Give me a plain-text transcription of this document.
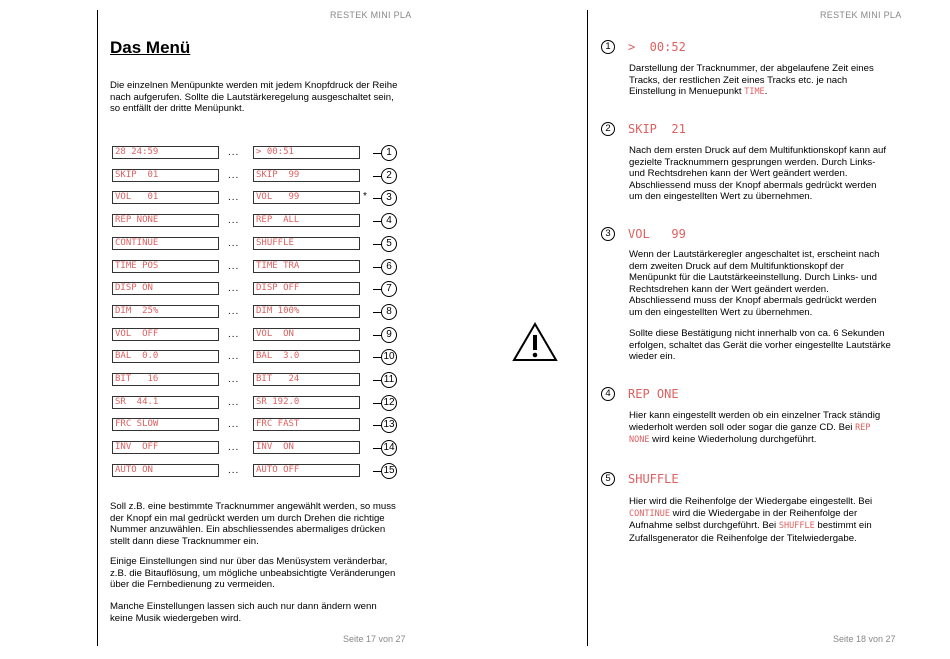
RESTEK MINI PLA
Das Menü
Die einzelnen Menüpunkte werden mit jedem Knopfdruck der Reihe nach aufgerufen. Sollte die Lautstärkeregelung ausgeschaltet sein, so entfällt der dritte Menüpunkt.
28 24:59	...	> 00:51	1
SKIP  01	...	SKIP  99	2
VOL   01	...	VOL   99	*	3
REP NONE	...	REP  ALL	4
CONTINUE	...	SHUFFLE	5
TIME POS	...	TIME TRA	6
DISP ON	...	DISP OFF	7
DIM  25%	...	DIM 100%	8
VOL  OFF	...	VOL  ON	9
BAL  0.0	...	BAL  3.0	10
BIT   16	...	BIT   24	11
SR  44.1	...	SR 192.0	12
FRC SLOW	...	FRC FAST	13
INV  OFF	...	INV  ON	14
AUTO ON	...	AUTO OFF	15
Soll z.B. eine bestimmte Tracknummer angewählt werden, so muss der Knopf ein mal gedrückt werden um durch Drehen die richtige Nummer anzuwählen. Ein abschliessendes abermaliges drücken stellt dann diese Tracknummer ein.
Einige Einstellungen sind nur über das Menüsystem veränderbar, z.B. die Bitauflösung, um mögliche unbeabsichtigte Veränderungen über die Fernbedienung zu vermeiden.
Manche Einstellungen lassen sich auch nur dann ändern wenn keine Musik wiedergeben wird.
Seite 17 von 27
RESTEK MINI PLA
1	>  00:52
Darstellung der Tracknummer, der abgelaufene Zeit eines Tracks, der restlichen Zeit eines Tracks etc. je nach Einstellung in Menuepunkt TIME.
2	SKIP  21
Nach dem ersten Druck auf dem Multifunktionskopf kann auf gezielte Tracknummern gesprungen werden. Durch Links- und Rechtsdrehen kann der Wert geändert werden. Abschliessend muss der Knopf abermals gedrückt werden um den eingestellten Wert zu übernehmen.
3	VOL   99
Wenn der Lautstärkeregler angeschaltet ist, erscheint nach dem zweiten Druck auf dem Multifunktionskopf der Menüpunkt für die Lautstärkeeinstellung. Durch Links- und Rechtsdrehen kann der Wert geändert werden. Abschliessend muss der Knopf abermals gedrückt werden um den eingestellten Wert zu übernehmen.
Sollte diese Bestätigung nicht innerhalb von ca. 6 Sekunden erfolgen, schaltet das Gerät die vorher eingestellte Lautstärke wieder ein.
4	REP ONE
Hier kann eingestellt werden ob ein einzelner Track ständig wiederholt werden soll oder sogar die ganze CD. Bei REP NONE wird keine Wiederholung durchgeführt.
5	SHUFFLE
Hier wird die Reihenfolge der Wiedergabe eingestellt. Bei CONTINUE wird die Wiedergabe in der Reihenfolge der Aufnahme selbst durchgeführt. Bei SHUFFLE bestimmt ein Zufallsgenerator die Reihenfolge der Titelwiedergabe.
Seite 18 von 27
